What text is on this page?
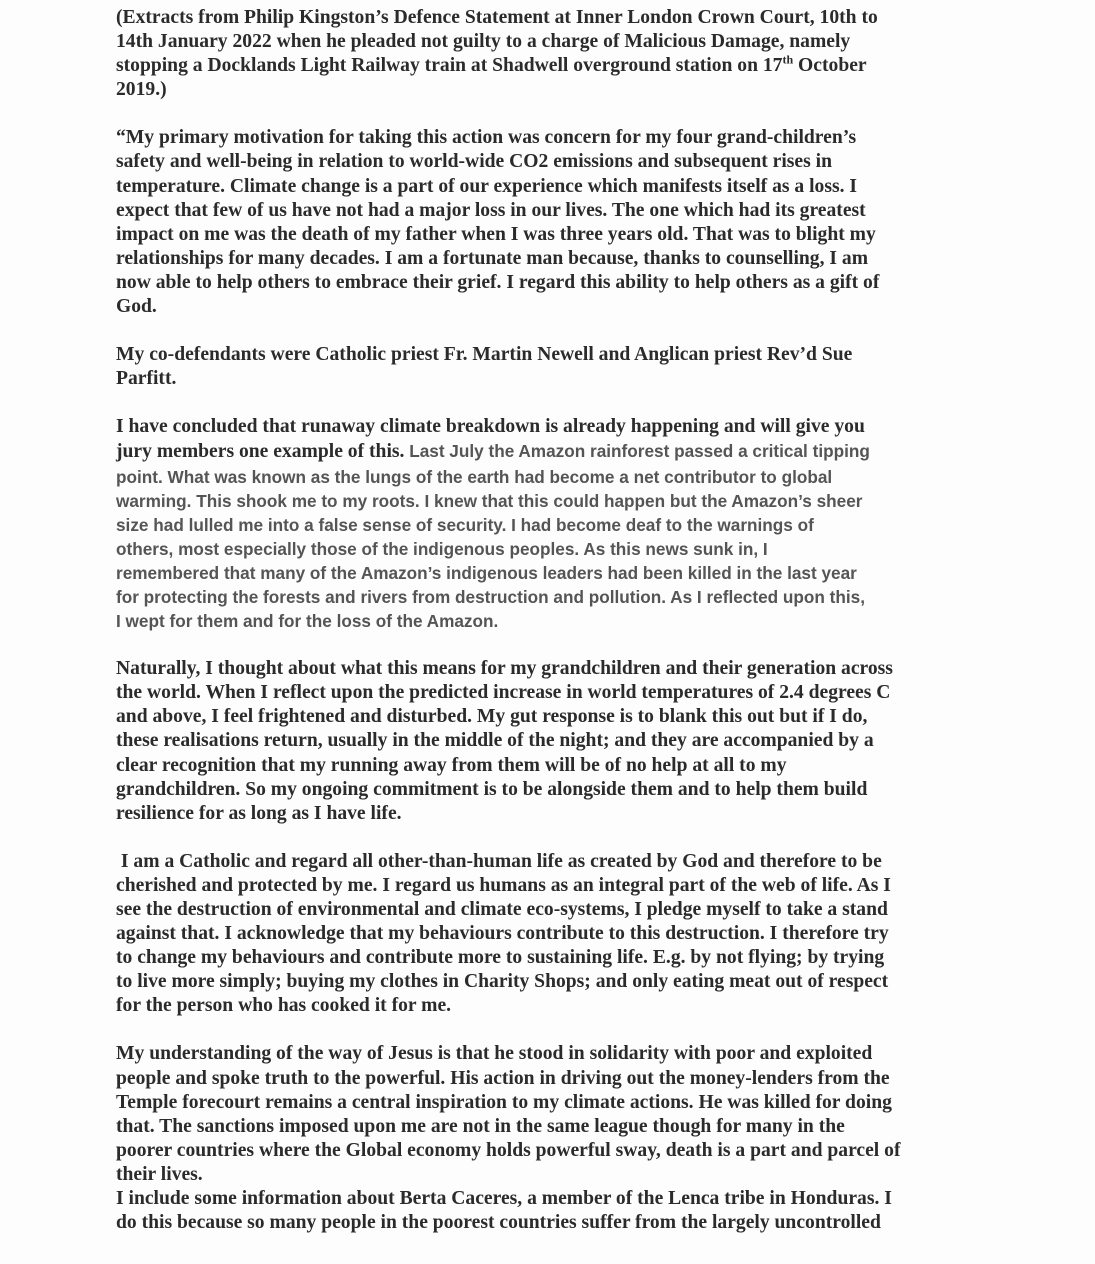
(Extracts from Philip Kingston’s Defence Statement at Inner London Crown Court, 10th to
14th January 2022 when he pleaded not guilty to a charge of Malicious Damage, namely
stopping a Docklands Light Railway train at Shadwell overground station on 17th October
2019.)

“My primary motivation for taking this action was concern for my four grand-children’s
safety and well-being in relation to world-wide CO2 emissions and subsequent rises in
temperature. Climate change is a part of our experience which manifests itself as a loss. I
expect that few of us have not had a major loss in our lives. The one which had its greatest
impact on me was the death of my father when I was three years old. That was to blight my
relationships for many decades. I am a fortunate man because, thanks to counselling, I am
now able to help others to embrace their grief. I regard this ability to help others as a gift of
God.

My co-defendants were Catholic priest Fr. Martin Newell and Anglican priest Rev’d Sue
Parfitt.

I have concluded that runaway climate breakdown is already happening and will give you
jury members one example of this. Last July the Amazon rainforest passed a critical tipping
point. What was known as the lungs of the earth had become a net contributor to global
warming. This shook me to my roots. I knew that this could happen but the Amazon’s sheer
size had lulled me into a false sense of security. I had become deaf to the warnings of
others, most especially those of the indigenous peoples. As this news sunk in, I
remembered that many of the Amazon’s indigenous leaders had been killed in the last year
for protecting the forests and rivers from destruction and pollution. As I reflected upon this,
I wept for them and for the loss of the Amazon.

Naturally, I thought about what this means for my grandchildren and their generation across
the world. When I reflect upon the predicted increase in world temperatures of 2.4 degrees C
and above, I feel frightened and disturbed. My gut response is to blank this out but if I do,
these realisations return, usually in the middle of the night; and they are accompanied by a
clear recognition that my running away from them will be of no help at all to my
grandchildren. So my ongoing commitment is to be alongside them and to help them build
resilience for as long as I have life.

I am a Catholic and regard all other-than-human life as created by God and therefore to be
cherished and protected by me. I regard us humans as an integral part of the web of life. As I
see the destruction of environmental and climate eco-systems, I pledge myself to take a stand
against that. I acknowledge that my behaviours contribute to this destruction. I therefore try
to change my behaviours and contribute more to sustaining life. E.g. by not flying; by trying
to live more simply; buying my clothes in Charity Shops; and only eating meat out of respect
for the person who has cooked it for me.

My understanding of the way of Jesus is that he stood in solidarity with poor and exploited
people and spoke truth to the powerful. His action in driving out the money-lenders from the
Temple forecourt remains a central inspiration to my climate actions. He was killed for doing
that. The sanctions imposed upon me are not in the same league though for many in the
poorer countries where the Global economy holds powerful sway, death is a part and parcel of
their lives.

I include some information about Berta Caceres, a member of the Lenca tribe in Honduras. I
do this because so many people in the poorest countries suffer from the largely uncontrolled
